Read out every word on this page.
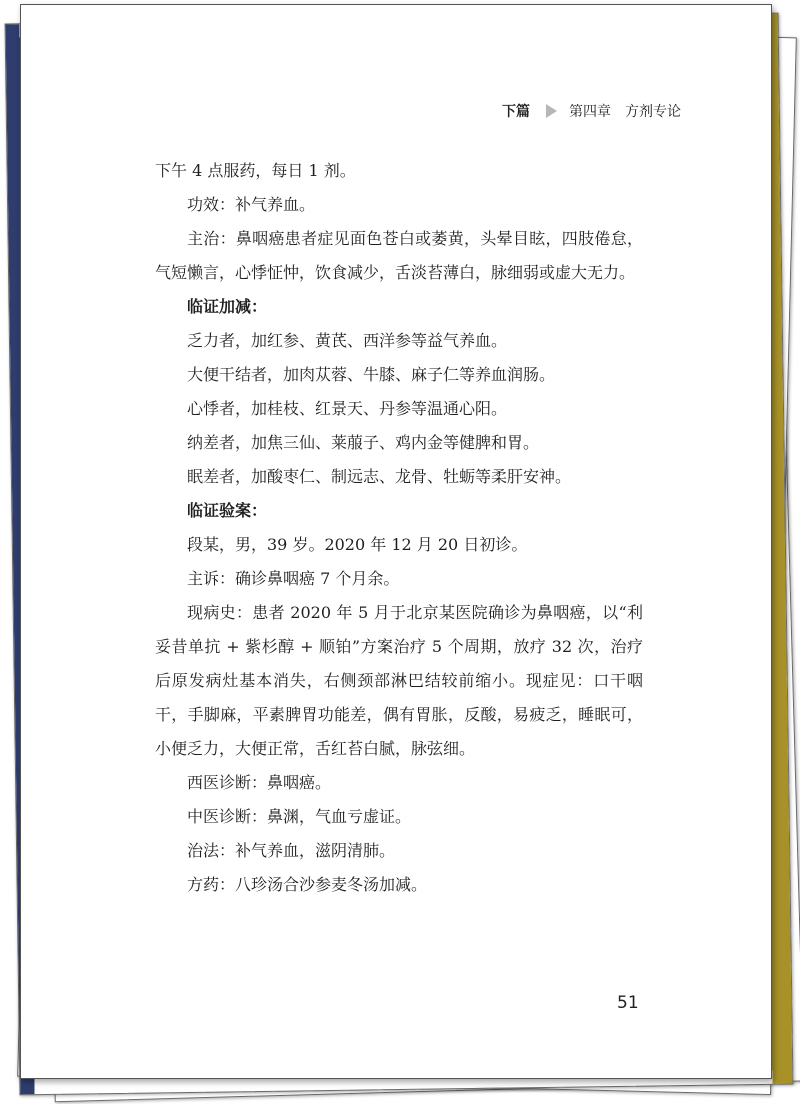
下篇	第四章 方剂专论

下午 4 点服药，每日 1 剂。

功效：补气养血。

主治：鼻咽癌患者症见面色苍白或萎黄，头晕目眩，四肢倦怠，气短懒言，心悸怔忡，饮食减少，舌淡苔薄白，脉细弱或虚大无力。

临证加减：

乏力者，加红参、黄芪、西洋参等益气养血。

大便干结者，加肉苁蓉、牛膝、麻子仁等养血润肠。

心悸者，加桂枝、红景天、丹参等温通心阳。

纳差者，加焦三仙、莱菔子、鸡内金等健脾和胃。

眠差者，加酸枣仁、制远志、龙骨、牡蛎等柔肝安神。

临证验案：

段某，男，39 岁。2020 年 12 月 20 日初诊。

主诉：确诊鼻咽癌 7 个月余。

现病史：患者 2020 年 5 月于北京某医院确诊为鼻咽癌，以“利妥昔单抗 + 紫杉醇 + 顺铂”方案治疗 5 个周期，放疗 32 次，治疗后原发病灶基本消失，右侧颈部淋巴结较前缩小。现症见：口干咽干，手脚麻，平素脾胃功能差，偶有胃胀，反酸，易疲乏，睡眠可，小便乏力，大便正常，舌红苔白腻，脉弦细。

西医诊断：鼻咽癌。

中医诊断：鼻渊，气血亏虚证。

治法：补气养血，滋阴清肺。

方药：八珍汤合沙参麦冬汤加减。

51
